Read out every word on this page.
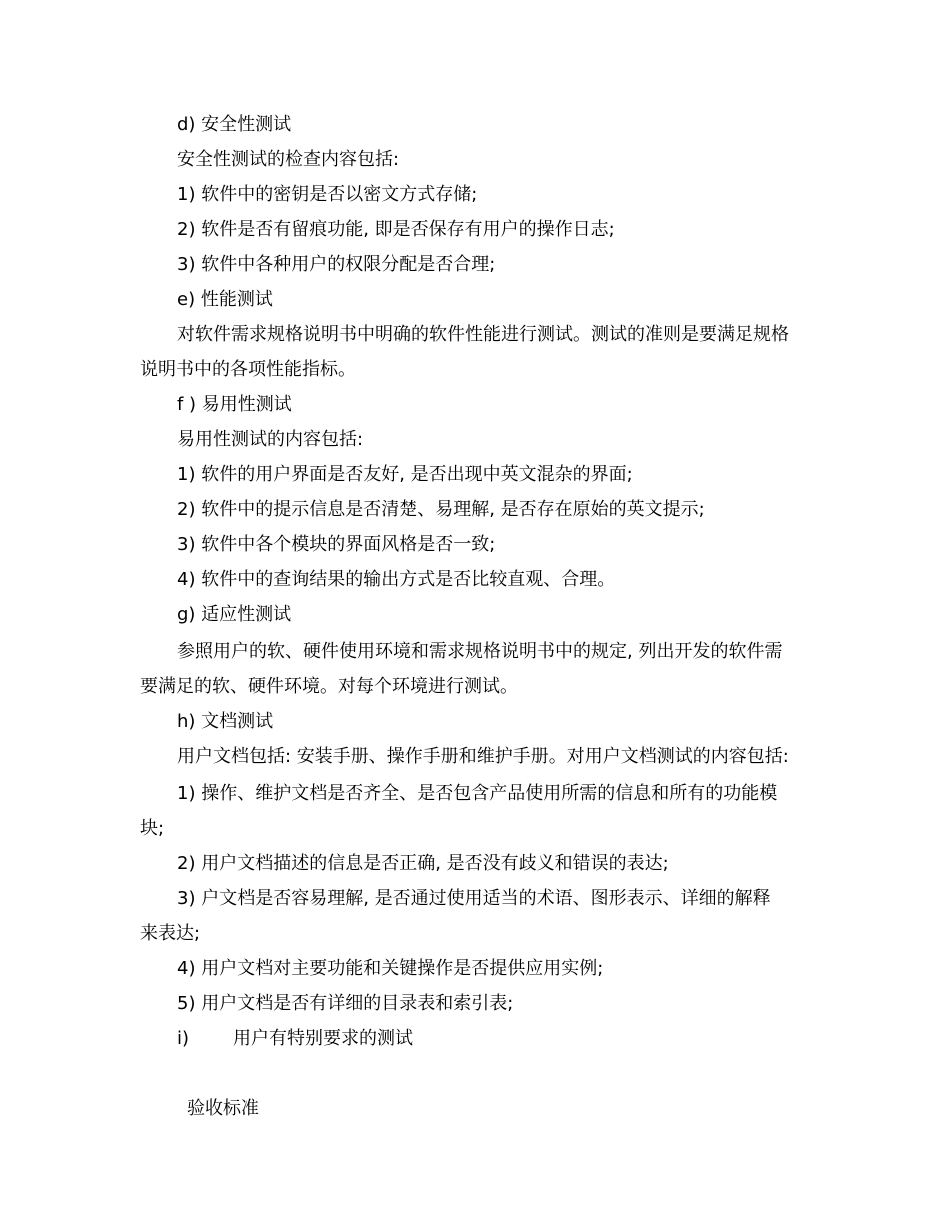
d) 安全性测试
安全性测试的检查内容包括:
1) 软件中的密钥是否以密文方式存储;
2) 软件是否有留痕功能, 即是否保存有用户的操作日志;
3) 软件中各种用户的权限分配是否合理;
e) 性能测试
对软件需求规格说明书中明确的软件性能进行测试。测试的准则是要满足规格
说明书中的各项性能指标。
f ) 易用性测试
易用性测试的内容包括:
1) 软件的用户界面是否友好, 是否出现中英文混杂的界面;
2) 软件中的提示信息是否清楚、易理解, 是否存在原始的英文提示;
3) 软件中各个模块的界面风格是否一致;
4) 软件中的查询结果的输出方式是否比较直观、合理。
g) 适应性测试
参照用户的软、硬件使用环境和需求规格说明书中的规定, 列出开发的软件需
要满足的软、硬件环境。对每个环境进行测试。
h) 文档测试
用户文档包括: 安装手册、操作手册和维护手册。对用户文档测试的内容包括:
1) 操作、维护文档是否齐全、是否包含产品使用所需的信息和所有的功能模
块;
2) 用户文档描述的信息是否正确, 是否没有歧义和错误的表达;
3) 户文档是否容易理解, 是否通过使用适当的术语、图形表示、详细的解释
来表达;
4) 用户文档对主要功能和关键操作是否提供应用实例;
5) 用户文档是否有详细的目录表和索引表;
i) 用户有特别要求的测试
验收标准
